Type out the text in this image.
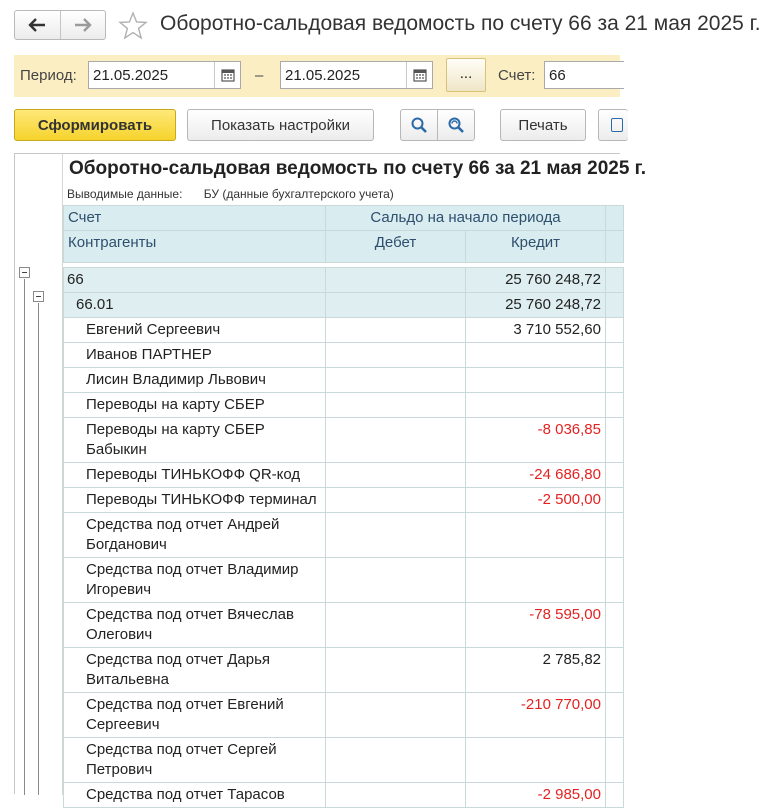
Оборотно-сальдовая ведомость по счету 66 за 21 мая 2025 г.
Период:	21.05.2025	–	21.05.2025	...	Счет: 66
Сформировать	Показать настройки	Печать
Оборотно-сальдовая ведомость по счету 66 за 21 мая 2025 г.
Выводимые данные: БУ (данные бухгалтерского учета)
Счет	Сальдо на начало периода		
Контрагенты	Дебет	Кредит	

66		25 760 248,72	
66.01		25 760 248,72	
Евгений Сергеевич		3 710 552,60	
Иванов ПАРТНЕР			
Лисин Владимир Львович			
Переводы на карту СБЕР			
Переводы на карту СБЕР Бабыкин		-8 036,85	
Переводы ТИНЬКОФФ QR-код		-24 686,80	
Переводы ТИНЬКОФФ терминал		-2 500,00	
Средства под отчет Андрей Богданович			
Средства под отчет Владимир Игоревич			
Средства под отчет Вячеслав Олегович		-78 595,00	
Средства под отчет Дарья Витальевна		2 785,82	
Средства под отчет Евгений Сергеевич		-210 770,00	
Средства под отчет Сергей Петрович			
Средства под отчет Тарасов		-2 985,00	
